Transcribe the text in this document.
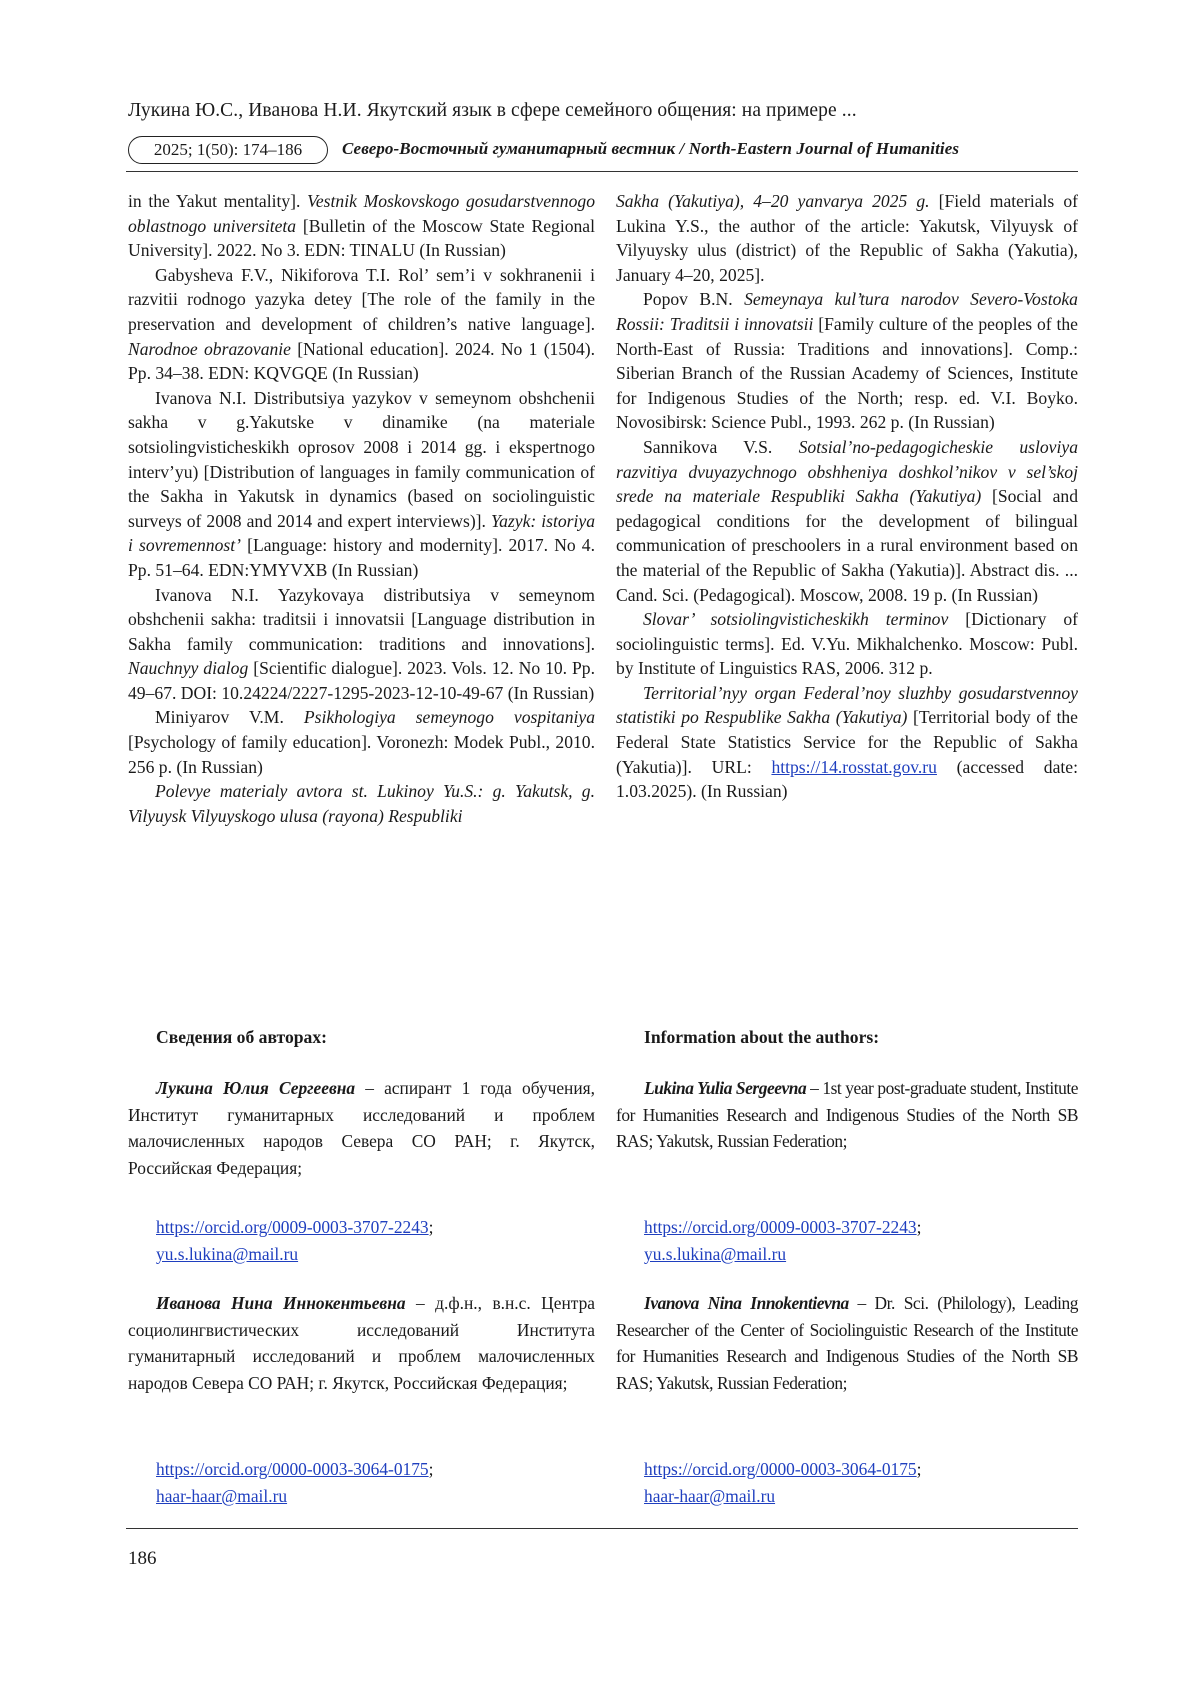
Лукина Ю.С., Иванова Н.И. Якутский язык в сфере семейного общения: на примере ...
2025; 1(50): 174–186	Северо-Восточный гуманитарный вестник / North-Eastern Journal of Humanities

in the Yakut mentality]. Vestnik Moskovskogo gosudarstvennogo oblastnogo universiteta [Bulletin of the Moscow State Regional University]. 2022. No 3. EDN: TINALU (In Russian)

Gabysheva F.V., Nikiforova T.I. Rol’ sem’i v sokhranenii i razvitii rodnogo yazyka detey [The role of the family in the preservation and development of children’s native language]. Narodnoe obrazovanie [National education]. 2024. No 1 (1504). Pp. 34–38. EDN: KQVGQE (In Russian)

Ivanova N.I. Distributsiya yazykov v semeynom obshchenii sakha v g.Yakutske v dinamike (na materiale sotsiolingvisticheskikh oprosov 2008 i 2014 gg. i ekspertnogo interv’yu) [Distribution of languages in family communication of the Sakha in Yakutsk in dynamics (based on sociolinguistic surveys of 2008 and 2014 and expert interviews)]. Yazyk: istoriya i sovremennost’ [Language: history and modernity]. 2017. No 4. Pp. 51–64. EDN:YMYVXB (In Russian)

Ivanova N.I. Yazykovaya distributsiya v semeynom obshchenii sakha: traditsii i innovatsii [Language distribution in Sakha family communication: traditions and innovations]. Nauchnyy dialog [Scientific dialogue]. 2023. Vols. 12. No 10. Pp. 49–67. DOI: 10.24224/2227-1295-2023-12-10-49-67 (In Russian)

Miniyarov V.M. Psikhologiya semeynogo vospitaniya [Psychology of family education]. Voronezh: Modek Publ., 2010. 256 p. (In Russian)

Polevye materialy avtora st. Lukinoy Yu.S.: g. Yakutsk, g. Vilyuysk Vilyuyskogo ulusa (rayona) Respubliki

Sakha (Yakutiya), 4–20 yanvarya 2025 g. [Field materials of Lukina Y.S., the author of the article: Yakutsk, Vilyuysk of Vilyuysky ulus (district) of the Republic of Sakha (Yakutia), January 4–20, 2025].

Popov B.N. Semeynaya kul’tura narodov Severo-Vostoka Rossii: Traditsii i innovatsii [Family culture of the peoples of the North-East of Russia: Traditions and innovations]. Comp.: Siberian Branch of the Russian Academy of Sciences, Institute for Indigenous Studies of the North; resp. ed. V.I. Boyko. Novosibirsk: Science Publ., 1993. 262 p. (In Russian)

Sannikova V.S. Sotsial’no-pedagogicheskie usloviya razvitiya dvuyazychnogo obshheniya doshkol’nikov v sel’skoj srede na materiale Respubliki Sakha (Yakutiya) [Social and pedagogical conditions for the development of bilingual communication of preschoolers in a rural environment based on the material of the Republic of Sakha (Yakutia)]. Abstract dis. ... Cand. Sci. (Pedagogical). Moscow, 2008. 19 p. (In Russian)

Slovar’ sotsiolingvisticheskikh terminov [Dictionary of sociolinguistic terms]. Ed. V.Yu. Mikhalchenko. Moscow: Publ. by Institute of Linguistics RAS, 2006. 312 p.

Territorial’nyy organ Federal’noy sluzhby gosudarstvennoy statistiki po Respublike Sakha (Yakutiya) [Territorial body of the Federal State Statistics Service for the Republic of Sakha (Yakutia)]. URL: https://14.rosstat.gov.ru (accessed date: 1.03.2025). (In Russian)

Сведения об авторах:	Information about the authors:

Лукина Юлия Сергеевна – аспирант 1 года обучения, Институт гуманитарных исследований и проблем малочисленных народов Севера СО РАН; г. Якутск, Российская Федерация;

Lukina Yulia Sergeevna – 1st year post-graduate student, Institute for Humanities Research and Indigenous Studies of the North SB RAS; Yakutsk, Russian Federation;

https://orcid.org/0009-0003-3707-2243;
yu.s.lukina@mail.ru
https://orcid.org/0009-0003-3707-2243;
yu.s.lukina@mail.ru

Иванова Нина Иннокентьевна – д.ф.н., в.н.с. Центра социолингвистических исследований Института гуманитарный исследований и проблем малочисленных народов Севера СО РАН; г. Якутск, Российская Федерация;

Ivanova Nina Innokentievna – Dr. Sci. (Philology), Leading Researcher of the Center of Sociolinguistic Research of the Institute for Humanities Research and Indigenous Studies of the North SB RAS; Yakutsk, Russian Federation;

https://orcid.org/0000-0003-3064-0175;
haar-haar@mail.ru
https://orcid.org/0000-0003-3064-0175;
haar-haar@mail.ru
186
